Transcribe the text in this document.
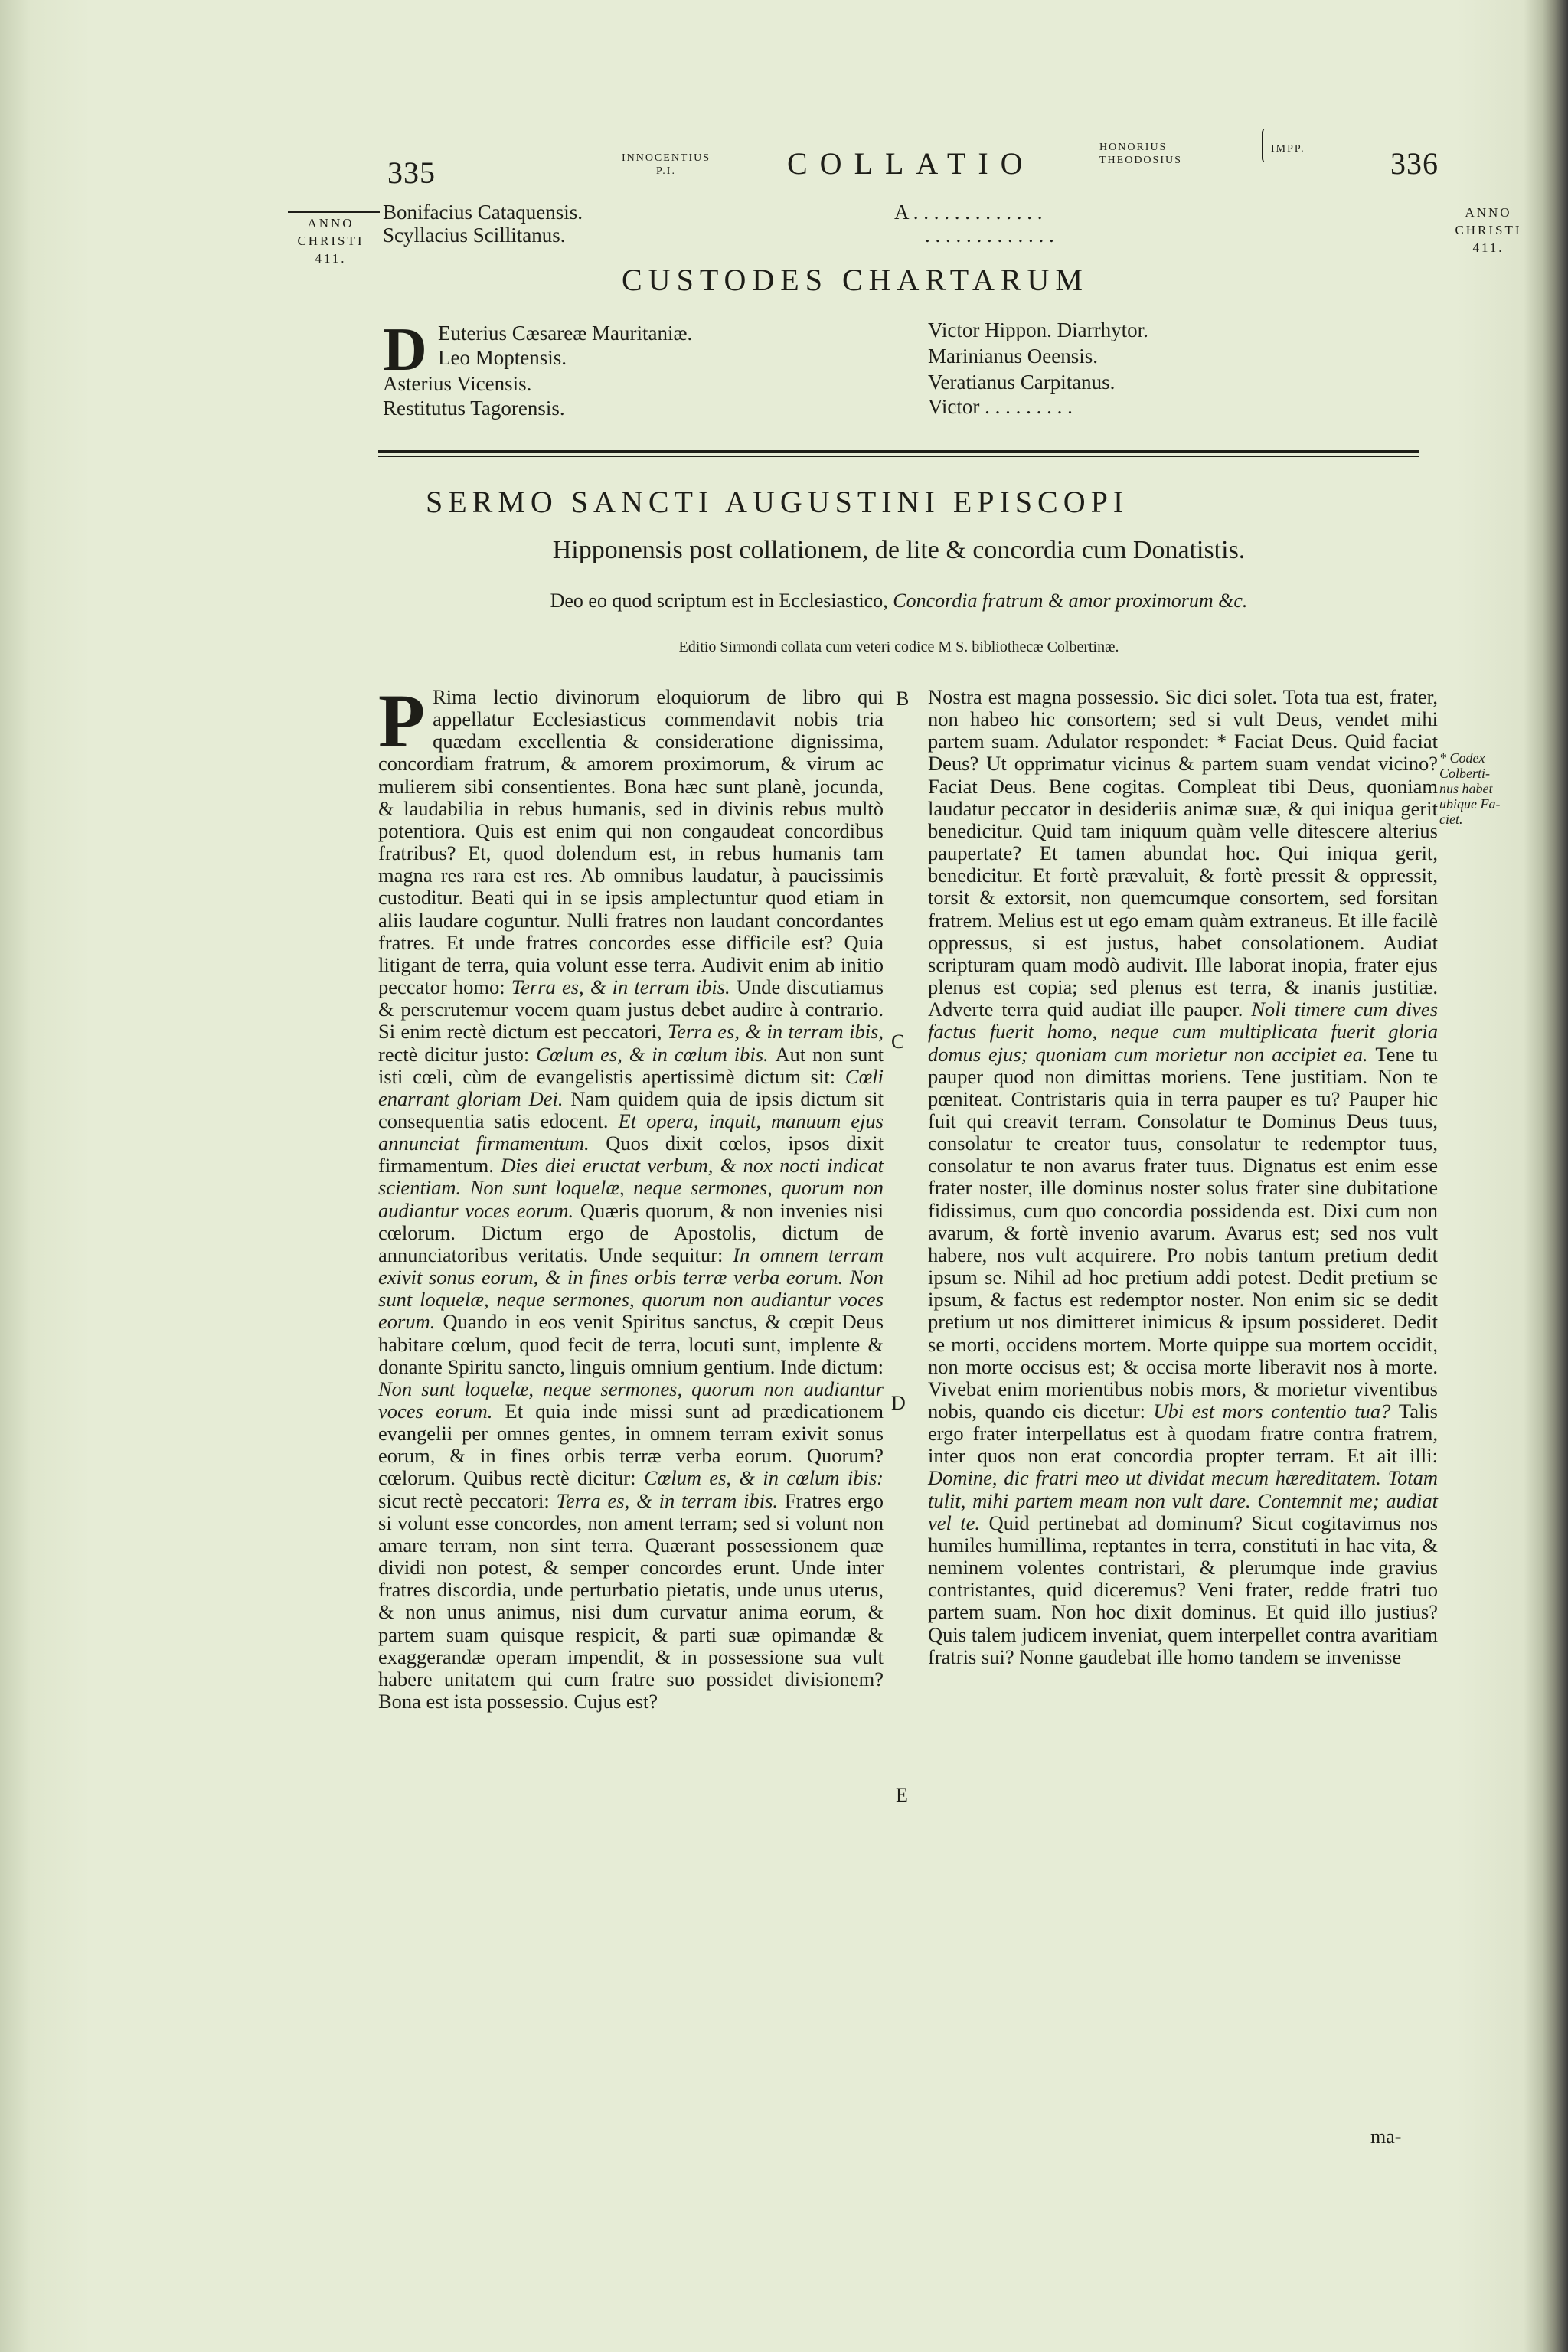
335	INNOCENTIUS
P.I.	COLLATIO	HONORIUS
THEODOSIUS
IMPP.	336
ANNO
CHRISTI
411.
ANNO
CHRISTI
411.
Bonifacius Cataquensis.
Scyllacius Scillitanus.
A . . . . . . . . . . . . .
. . . . . . . . . . . . .
CUSTODES CHARTARUM
D Euterius Cæsareæ Mauritaniæ.
Leo Moptensis.
Asterius Vicensis.
Restitutus Tagorensis.
Victor Hippon. Diarrhytor.
Marinianus Oeensis.
Veratianus Carpitanus.
Victor . . . . . . . . .
SERMO SANCTI AUGUSTINI EPISCOPI
Hipponensis post collationem, de lite & concordia cum Donatistis.
Deo eo quod scriptum est in Ecclesiastico, Concordia fratrum & amor proximorum &c.
Editio Sirmondi collata cum veteri codice M S. bibliothecæ Colbertinæ.
P Rima lectio divinorum eloquiorum de libro qui appellatur Ecclesiasticus commendavit nobis tria quædam excellentia & consideratione dignissima, concordiam fratrum, & amorem proximorum, & virum ac mulierem sibi consentientes. Bona hæc sunt planè, jocunda, & laudabilia in rebus humanis, sed in divinis rebus multò potentiora. Quis est enim qui non congaudeat concordibus fratribus? Et, quod dolendum est, in rebus humanis tam magna res rara est res. Ab omnibus laudatur, à paucissimis custoditur. Beati qui in se ipsis amplectuntur quod etiam in aliis laudare coguntur. Nulli fratres non laudant concordantes fratres. Et unde fratres concordes esse difficile est? Quia litigant de terra, quia volunt esse terra. Audivit enim ab initio peccator homo: Terra es, & in terram ibis. Unde discutiamus & perscrutemur vocem quam justus debet audire à contrario. Si enim rectè dictum est peccatori, Terra es, & in terram ibis, rectè dicitur justo: Cœlum es, & in cœlum ibis. Aut non sunt isti cœli, cùm de evangelistis apertissimè dictum sit: Cœli enarrant gloriam Dei. Nam quidem quia de ipsis dictum sit consequentia satis edocent. Et opera, inquit, manuum ejus annunciat firmamentum. Quos dixit cœlos, ipsos dixit firmamentum. Dies diei eructat verbum, & nox nocti indicat scientiam. Non sunt loquelæ, neque sermones, quorum non audiantur voces eorum. Quæris quorum, & non invenies nisi cœlorum. Dictum ergo de Apostolis, dictum de annunciatoribus veritatis. Unde sequitur: In omnem terram exivit sonus eorum, & in fines orbis terræ verba eorum. Non sunt loquelæ, neque sermones, quorum non audiantur voces eorum. Quando in eos venit Spiritus sanctus, & cœpit Deus habitare cœlum, quod fecit de terra, locuti sunt, implente & donante Spiritu sancto, linguis omnium gentium. Inde dictum: Non sunt loquelæ, neque sermones, quorum non audiantur voces eorum. Et quia inde missi sunt ad prædicationem evangelii per omnes gentes, in omnem terram exivit sonus eorum, & in fines orbis terræ verba eorum. Quorum? cœlorum. Quibus rectè dicitur: Cœlum es, & in cœlum ibis: sicut rectè peccatori: Terra es, & in terram ibis. Fratres ergo si volunt esse concordes, non ament terram; sed si volunt non amare terram, non sint terra. Quærant possessionem quæ dividi non potest, & semper concordes erunt. Unde inter fratres discordia, unde perturbatio pietatis, unde unus uterus, & non unus animus, nisi dum curvatur anima eorum, & partem suam quisque respicit, & parti suæ opimandæ & exaggerandæ operam impendit, & in possessione sua vult habere unitatem qui cum fratre suo possidet divisionem? Bona est ista possessio. Cujus est?
B
C
D
E
Nostra est magna possessio. Sic dici solet. Tota tua est, frater, non habeo hic consortem; sed si vult Deus, vendet mihi partem suam. Adulator respondet: * Faciat Deus. Quid faciat Deus? Ut opprimatur vicinus & partem suam vendat vicino? Faciat Deus. Bene cogitas. Compleat tibi Deus, quoniam laudatur peccator in desideriis animæ suæ, & qui iniqua gerit benedicitur. Quid tam iniquum quàm velle ditescere alterius paupertate? Et tamen abundat hoc. Qui iniqua gerit, benedicitur. Et fortè prævaluit, & fortè pressit & oppressit, torsit & extorsit, non quemcumque consortem, sed forsitan fratrem. Melius est ut ego emam quàm extraneus. Et ille facilè oppressus, si est justus, habet consolationem. Audiat scripturam quam modò audivit. Ille laborat inopia, frater ejus plenus est copia; sed plenus est terra, & inanis justitiæ. Adverte terra quid audiat ille pauper. Noli timere cum dives factus fuerit homo, neque cum multiplicata fuerit gloria domus ejus; quoniam cum morietur non accipiet ea. Tene tu pauper quod non dimittas moriens. Tene justitiam. Non te pœniteat. Contristaris quia in terra pauper es tu? Pauper hic fuit qui creavit terram. Consolatur te Dominus Deus tuus, consolatur te creator tuus, consolatur te redemptor tuus, consolatur te non avarus frater tuus. Dignatus est enim esse frater noster, ille dominus noster solus frater sine dubitatione fidissimus, cum quo concordia possidenda est. Dixi cum non avarum, & fortè invenio avarum. Avarus est; sed nos vult habere, nos vult acquirere. Pro nobis tantum pretium dedit ipsum se. Nihil ad hoc pretium addi potest. Dedit pretium se ipsum, & factus est redemptor noster. Non enim sic se dedit pretium ut nos dimitteret inimicus & ipsum possideret. Dedit se morti, occidens mortem. Morte quippe sua mortem occidit, non morte occisus est; & occisa morte liberavit nos à morte. Vivebat enim morientibus nobis mors, & morietur viventibus nobis, quando eis dicetur: Ubi est mors contentio tua? Talis ergo frater interpellatus est à quodam fratre contra fratrem, inter quos non erat concordia propter terram. Et ait illi: Domine, dic fratri meo ut dividat mecum hæreditatem. Totam tulit, mihi partem meam non vult dare. Contemnit me; audiat vel te. Quid pertinebat ad dominum? Sicut cogitavimus nos humiles humillima, reptantes in terra, constituti in hac vita, & neminem volentes contristari, & plerumque inde gravius contristantes, quid diceremus? Veni frater, redde fratri tuo partem suam. Non hoc dixit dominus. Et quid illo justius? Quis talem judicem inveniat, quem interpellet contra avaritiam fratris sui? Nonne gaudebat ille homo tandem se invenisse
* Codex
Colberti-
nus habet
ubique Fa-
ciet.
ma-
